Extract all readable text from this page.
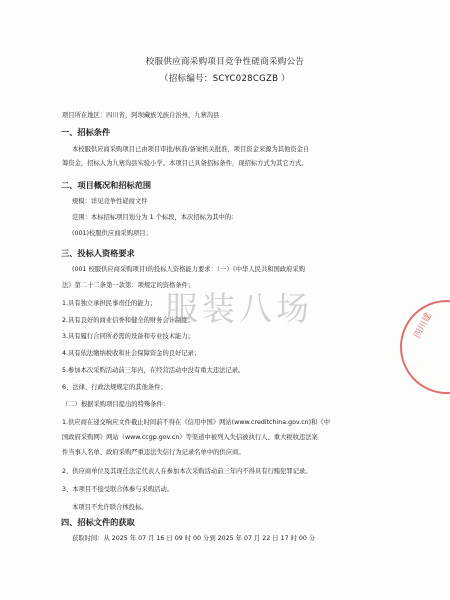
校服供应商采购项目竞争性磋商采购公告
（招标编号：SCYC028CGZB ）
项目所在地区：四川省，阿坝藏族羌族自治州，九寨沟县
一、招标条件
本校服供应商采购项目已由项目审批/核准/备案机关批准，项目资金来源为其他资金自
筹资金，招标人为九寨沟县实验小学。本项目已具备招标条件，现招标方式为其它方式。
二、项目概况和招标范围
规模：详见竞争性磋商文件
范围：本标招标项目划分为 1 个标段，本次招标为其中的：
(001)校服供应商采购项目；
三、投标人资格要求
(001 校服供应商采购项目)的投标人资格能力要求：（一）《中华人民共和国政府采购
法》第二十二条第一款第：项规定的资格条件；
1.具有独立承担民事责任的能力；
2.具有良好的商业信誉和健全的财务会计制度；
3.具有履行合同所必需的设备和专业技术能力；
4.具有依法缴纳税收和社会保障资金的良好记录；
5.参加本次采购活动前三年内，在经营活动中没有重大违法记录。
6、法律、行政法规规定的其他条件；
（二）根据采购项目提出的特殊条件：
1.供应商在递交响应文件截止时间前不得在《信用中国》网站(www.creditchina.gov.cn)和《中
国政府采购网》网站（www.ccgp.gov.cn）等渠道中被列入失信被执行人、重大税收违法案
件当事人名单、政府采购严重违法失信行为记录名单中的供应商。
2、供应商单位及其现任法定代表人在参加本次采购活动前三年内不得具有行贿犯罪记录。
3、本项目不接受联合体参与采购活动。
本项目不允许联合体投标。
四、招标文件的获取
获取时间：从 2025 年 07 月 16 日 09 时 00 分到 2025 年 07 月 22 日 17 时 00 分
服装八场	四川建
